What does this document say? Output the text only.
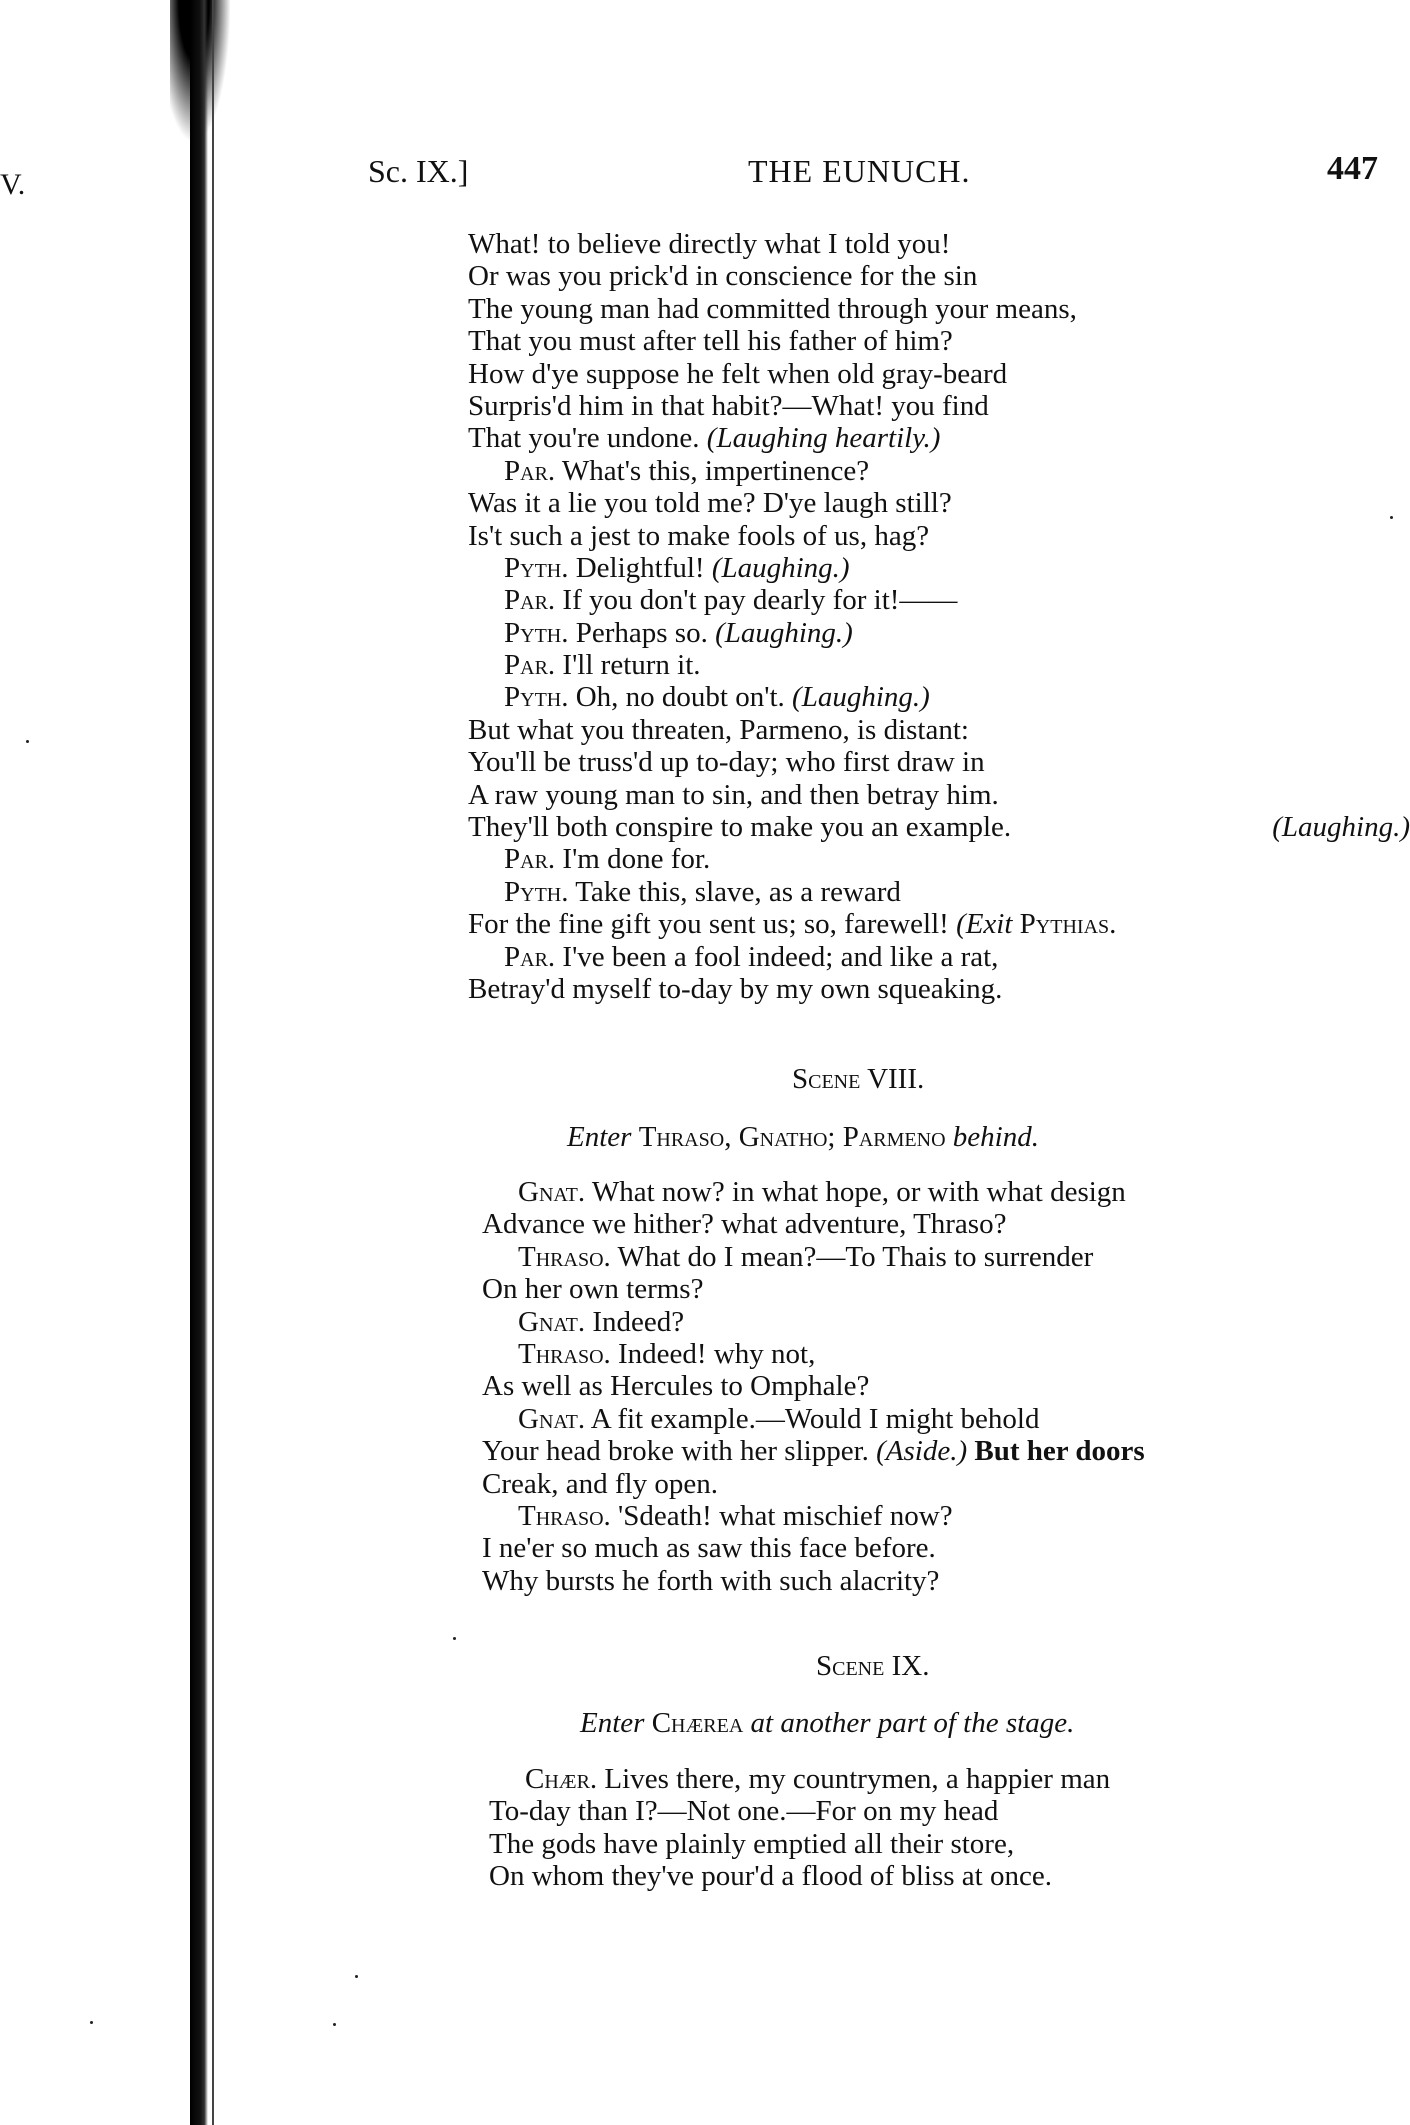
V.	Sc. IX.]	THE EUNUCH.	447
What! to believe directly what I told you!
Or was you prick'd in conscience for the sin
The young man had committed through your means,
That you must after tell his father of him?
How d'ye suppose he felt when old gray-beard
Surpris'd him in that habit?—What! you find
That you're undone. (Laughing heartily.)
Par. What's this, impertinence?
Was it a lie you told me? D'ye laugh still?
Is't such a jest to make fools of us, hag?
Pyth. Delightful! (Laughing.)
Par. If you don't pay dearly for it!——
Pyth. Perhaps so. (Laughing.)
Par. I'll return it.
Pyth. Oh, no doubt on't. (Laughing.)
But what you threaten, Parmeno, is distant:
You'll be truss'd up to-day; who first draw in
A raw young man to sin, and then betray him.
They'll both conspire to make you an example.	(Laughing.)
Par. I'm done for.
Pyth. Take this, slave, as a reward
For the fine gift you sent us; so, farewell! (Exit Pythias.
Par. I've been a fool indeed; and like a rat,
Betray'd myself to-day by my own squeaking.
Scene VIII.
Enter Thraso, Gnatho; Parmeno behind.
Gnat. What now? in what hope, or with what design
Advance we hither? what adventure, Thraso?
Thraso. What do I mean?—To Thais to surrender
On her own terms?
Gnat. Indeed?
Thraso. Indeed! why not,
As well as Hercules to Omphale?
Gnat. A fit example.—Would I might behold
Your head broke with her slipper. (Aside.) But her doors
Creak, and fly open.
Thraso. 'Sdeath! what mischief now?
I ne'er so much as saw this face before.
Why bursts he forth with such alacrity?
Scene IX.
Enter Chærea at another part of the stage.
Chær. Lives there, my countrymen, a happier man
To-day than I?—Not one.—For on my head
The gods have plainly emptied all their store,
On whom they've pour'd a flood of bliss at once.
